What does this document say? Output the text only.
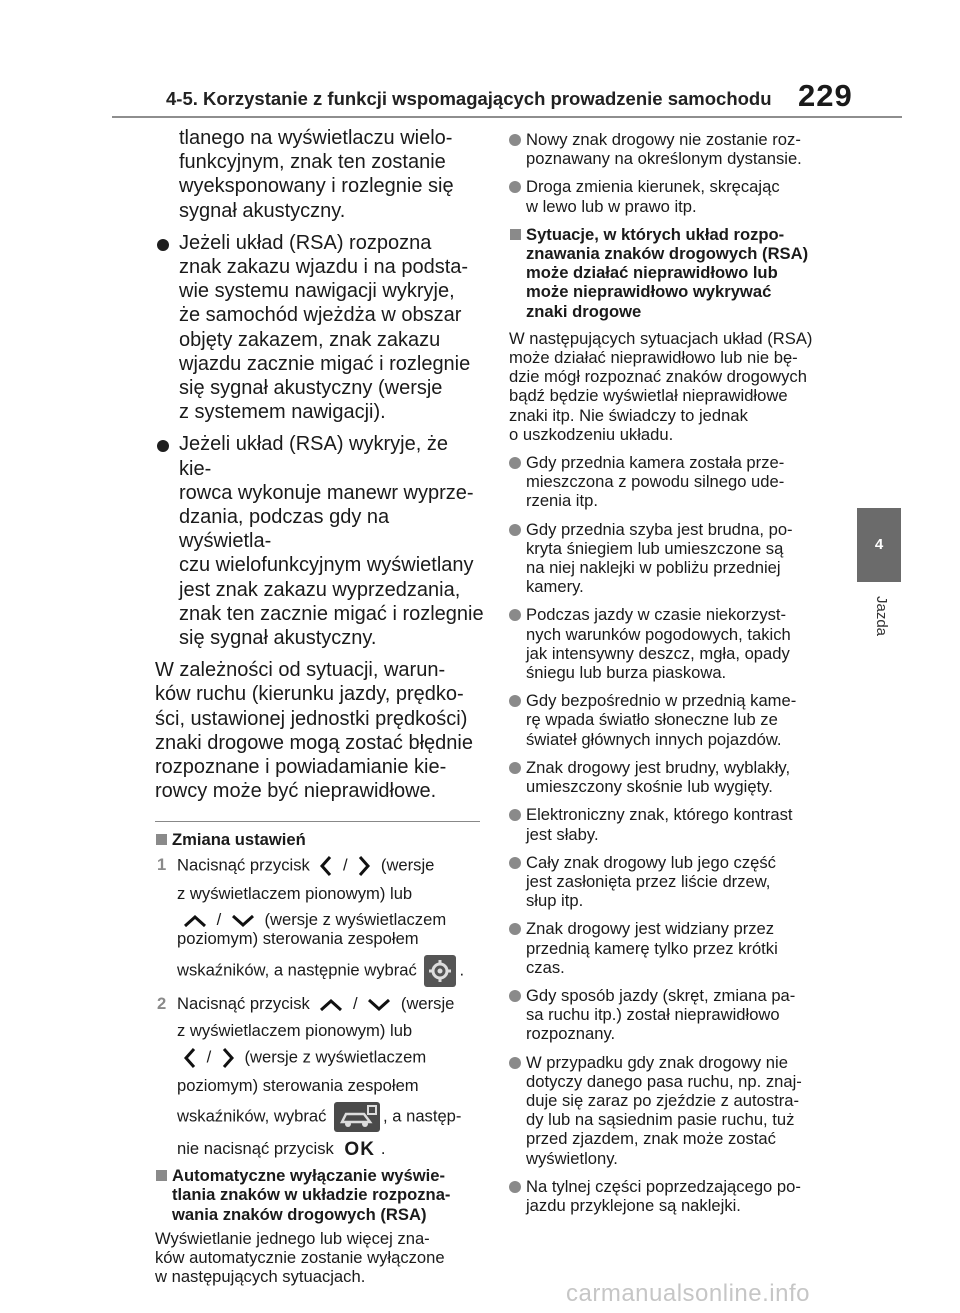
4-5. Korzystanie z funkcji wspomagających prowadzenie samochodu 229
tlanego na wyświetlaczu wielo-
funkcyjnym, znak ten zostanie
wyeksponowany i rozlegnie się
sygnał akustyczny.
Jeżeli układ (RSA) rozpozna
znak zakazu wjazdu i na podsta-
wie systemu nawigacji wykryje,
że samochód wjeżdża w obszar
objęty zakazem, znak zakazu
wjazdu zacznie migać i rozlegnie
się sygnał akustyczny (wersje
z systemem nawigacji).
Jeżeli układ (RSA) wykryje, że kie-
rowca wykonuje manewr wyprze-
dzania, podczas gdy na wyświetla-
czu wielofunkcyjnym wyświetlany
jest znak zakazu wyprzedzania,
znak ten zacznie migać i rozlegnie
się sygnał akustyczny.
W zależności od sytuacji, warun-
ków ruchu (kierunku jazdy, prędko-
ści, ustawionej jednostki prędkości)
znaki drogowe mogą zostać błędnie
rozpoznane i powiadamianie kie-
rowcy może być nieprawidłowe.
Zmiana ustawień
1 Nacisnąć przycisk / (wersje
z wyświetlaczem pionowym) lub
/	(wersje z wyświetlaczem
poziomym) sterowania zespołem
wskaźników, a następnie wybrać	.
2 Nacisnąć przycisk	/	(wersje
z wyświetlaczem pionowym) lub
/ (wersje z wyświetlaczem
poziomym) sterowania zespołem
wskaźników, wybrać	, a następ-
nie nacisnąć przycisk OK .
Automatyczne wyłączanie wyświe-
tlania znaków w układzie rozpozna-
wania znaków drogowych (RSA)
Wyświetlanie jednego lub więcej zna-
ków automatycznie zostanie wyłączone
w następujących sytuacjach.
Nowy znak drogowy nie zostanie roz-
poznawany na określonym dystansie.
Droga zmienia kierunek, skręcając
w lewo lub w prawo itp.
Sytuacje, w których układ rozpo-
znawania znaków drogowych (RSA)
może działać nieprawidłowo lub
może nieprawidłowo wykrywać
znaki drogowe
W następujących sytuacjach układ (RSA)
może działać nieprawidłowo lub nie bę-
dzie mógł rozpoznać znaków drogowych
bądź będzie wyświetlał nieprawidłowe
znaki itp. Nie świadczy to jednak
o uszkodzeniu układu.
Gdy przednia kamera została prze-
mieszczona z powodu silnego ude-
rzenia itp.
Gdy przednia szyba jest brudna, po-
kryta śniegiem lub umieszczone są
na niej naklejki w pobliżu przedniej
kamery.
Podczas jazdy w czasie niekorzyst-
nych warunków pogodowych, takich
jak intensywny deszcz, mgła, opady
śniegu lub burza piaskowa.
Gdy bezpośrednio w przednią kame-
rę wpada światło słoneczne lub ze
świateł głównych innych pojazdów.
Znak drogowy jest brudny, wyblakły,
umieszczony skośnie lub wygięty.
Elektroniczny znak, którego kontrast
jest słaby.
Cały znak drogowy lub jego część
jest zasłonięta przez liście drzew,
słup itp.
Znak drogowy jest widziany przez
przednią kamerę tylko przez krótki
czas.
Gdy sposób jazdy (skręt, zmiana pa-
sa ruchu itp.) został nieprawidłowo
rozpoznany.
W przypadku gdy znak drogowy nie
dotyczy danego pasa ruchu, np. znaj-
duje się zaraz po zjeździe z autostra-
dy lub na sąsiednim pasie ruchu, tuż
przed zjazdem, znak może zostać
wyświetlony.
Na tylnej części poprzedzającego po-
jazdu przyklejone są naklejki.
4
Jazda
carmanualsonline.info
